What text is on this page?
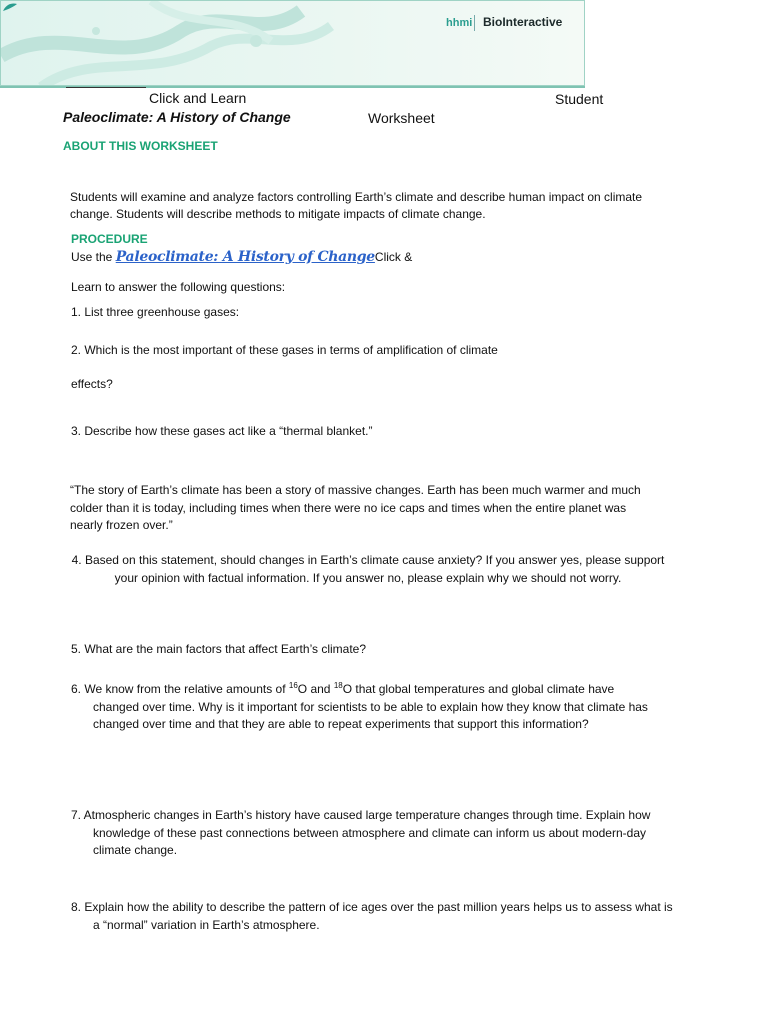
hhmi BioInteractive
Click and Learn	Student
Paleoclimate: A History of Change	Worksheet
ABOUT THIS WORKSHEET
Students will examine and analyze factors controlling Earth’s climate and describe human impact on climate change. Students will describe methods to mitigate impacts of climate change.
PROCEDURE
Use the Paleoclimate: A History of ChangeClick &
Learn to answer the following questions:
1. List three greenhouse gases:
2. Which is the most important of these gases in terms of amplification of climate
effects?
3. Describe how these gases act like a “thermal blanket.”
“The story of Earth’s climate has been a story of massive changes. Earth has been much warmer and much colder than it is today, including times when there were no ice caps and times when the entire planet was nearly frozen over.”
4. Based on this statement, should changes in Earth’s climate cause anxiety? If you answer yes, please support your opinion with factual information. If you answer no, please explain why we should not worry.
5. What are the main factors that affect Earth’s climate?
6. We know from the relative amounts of $^{16}$O and $^{18}$O that global temperatures and global climate have changed over time. Why is it important for scientists to be able to explain how they know that climate has changed over time and that they are able to repeat experiments that support this information?
7. Atmospheric changes in Earth’s history have caused large temperature changes through time. Explain how knowledge of these past connections between atmosphere and climate can inform us about modern-day climate change.
8. Explain how the ability to describe the pattern of ice ages over the past million years helps us to assess what is a “normal” variation in Earth’s atmosphere.
